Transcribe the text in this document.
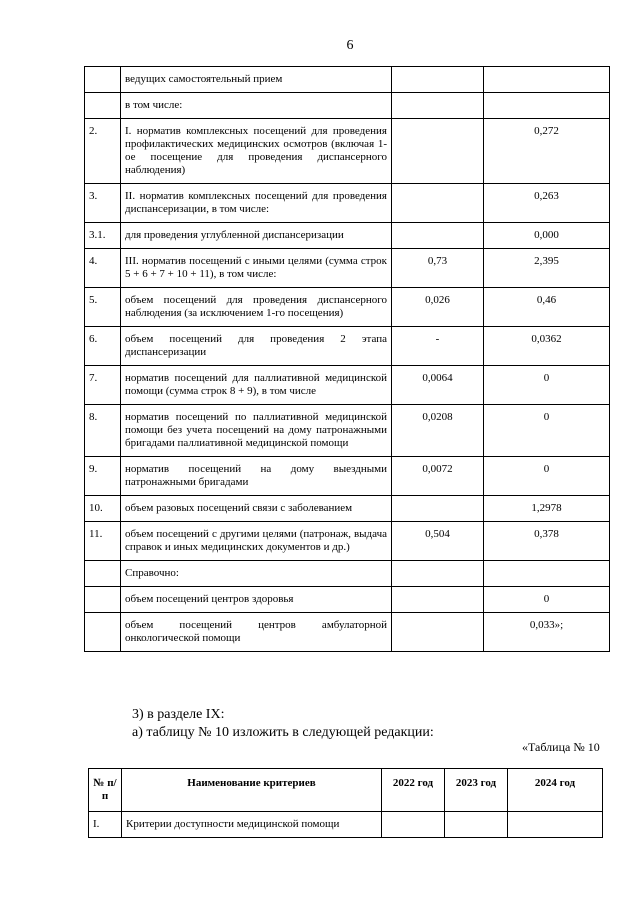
6
	ведущих самостоятельный прием		
	в том числе:		
2.	I. норматив комплексных посещений для проведения профилактических медицинских осмотров (включая 1-ое посещение для проведения диспансерного наблюдения)		0,272
3.	II. норматив комплексных посещений для проведения диспансеризации, в том числе:		0,263
3.1.	для проведения углубленной диспансеризации		0,000
4.	III. норматив посещений с иными целями (сумма строк 5 + 6 + 7 + 10 + 11), в том числе:	0,73	2,395
5.	объем посещений для проведения диспансерного наблюдения (за исключением 1-го посещения)	0,026	0,46
6.	объем посещений для проведения 2 этапа диспансеризации	-	0,0362
7.	норматив посещений для паллиативной медицинской помощи (сумма строк 8 + 9), в том числе	0,0064	0
8.	норматив посещений по паллиативной медицинской помощи без учета посещений на дому патронажными бригадами паллиативной медицинской помощи	0,0208	0
9.	норматив посещений на дому выездными патронажными бригадами	0,0072	0
10.	объем разовых посещений связи с заболеванием		1,2978
11.	объем посещений с другими целями (патронаж, выдача справок и иных медицинских документов и др.)	0,504	0,378
	Справочно:		
	объем посещений центров здоровья		0
	объем посещений центров амбулаторной онкологической помощи		0,033»;
3) в разделе IX:
а) таблицу № 10 изложить в следующей редакции:
«Таблица № 10
№ п/п	Наименование критериев	2022 год	2023 год	2024 год
I.	Критерии доступности медицинской помощи			
